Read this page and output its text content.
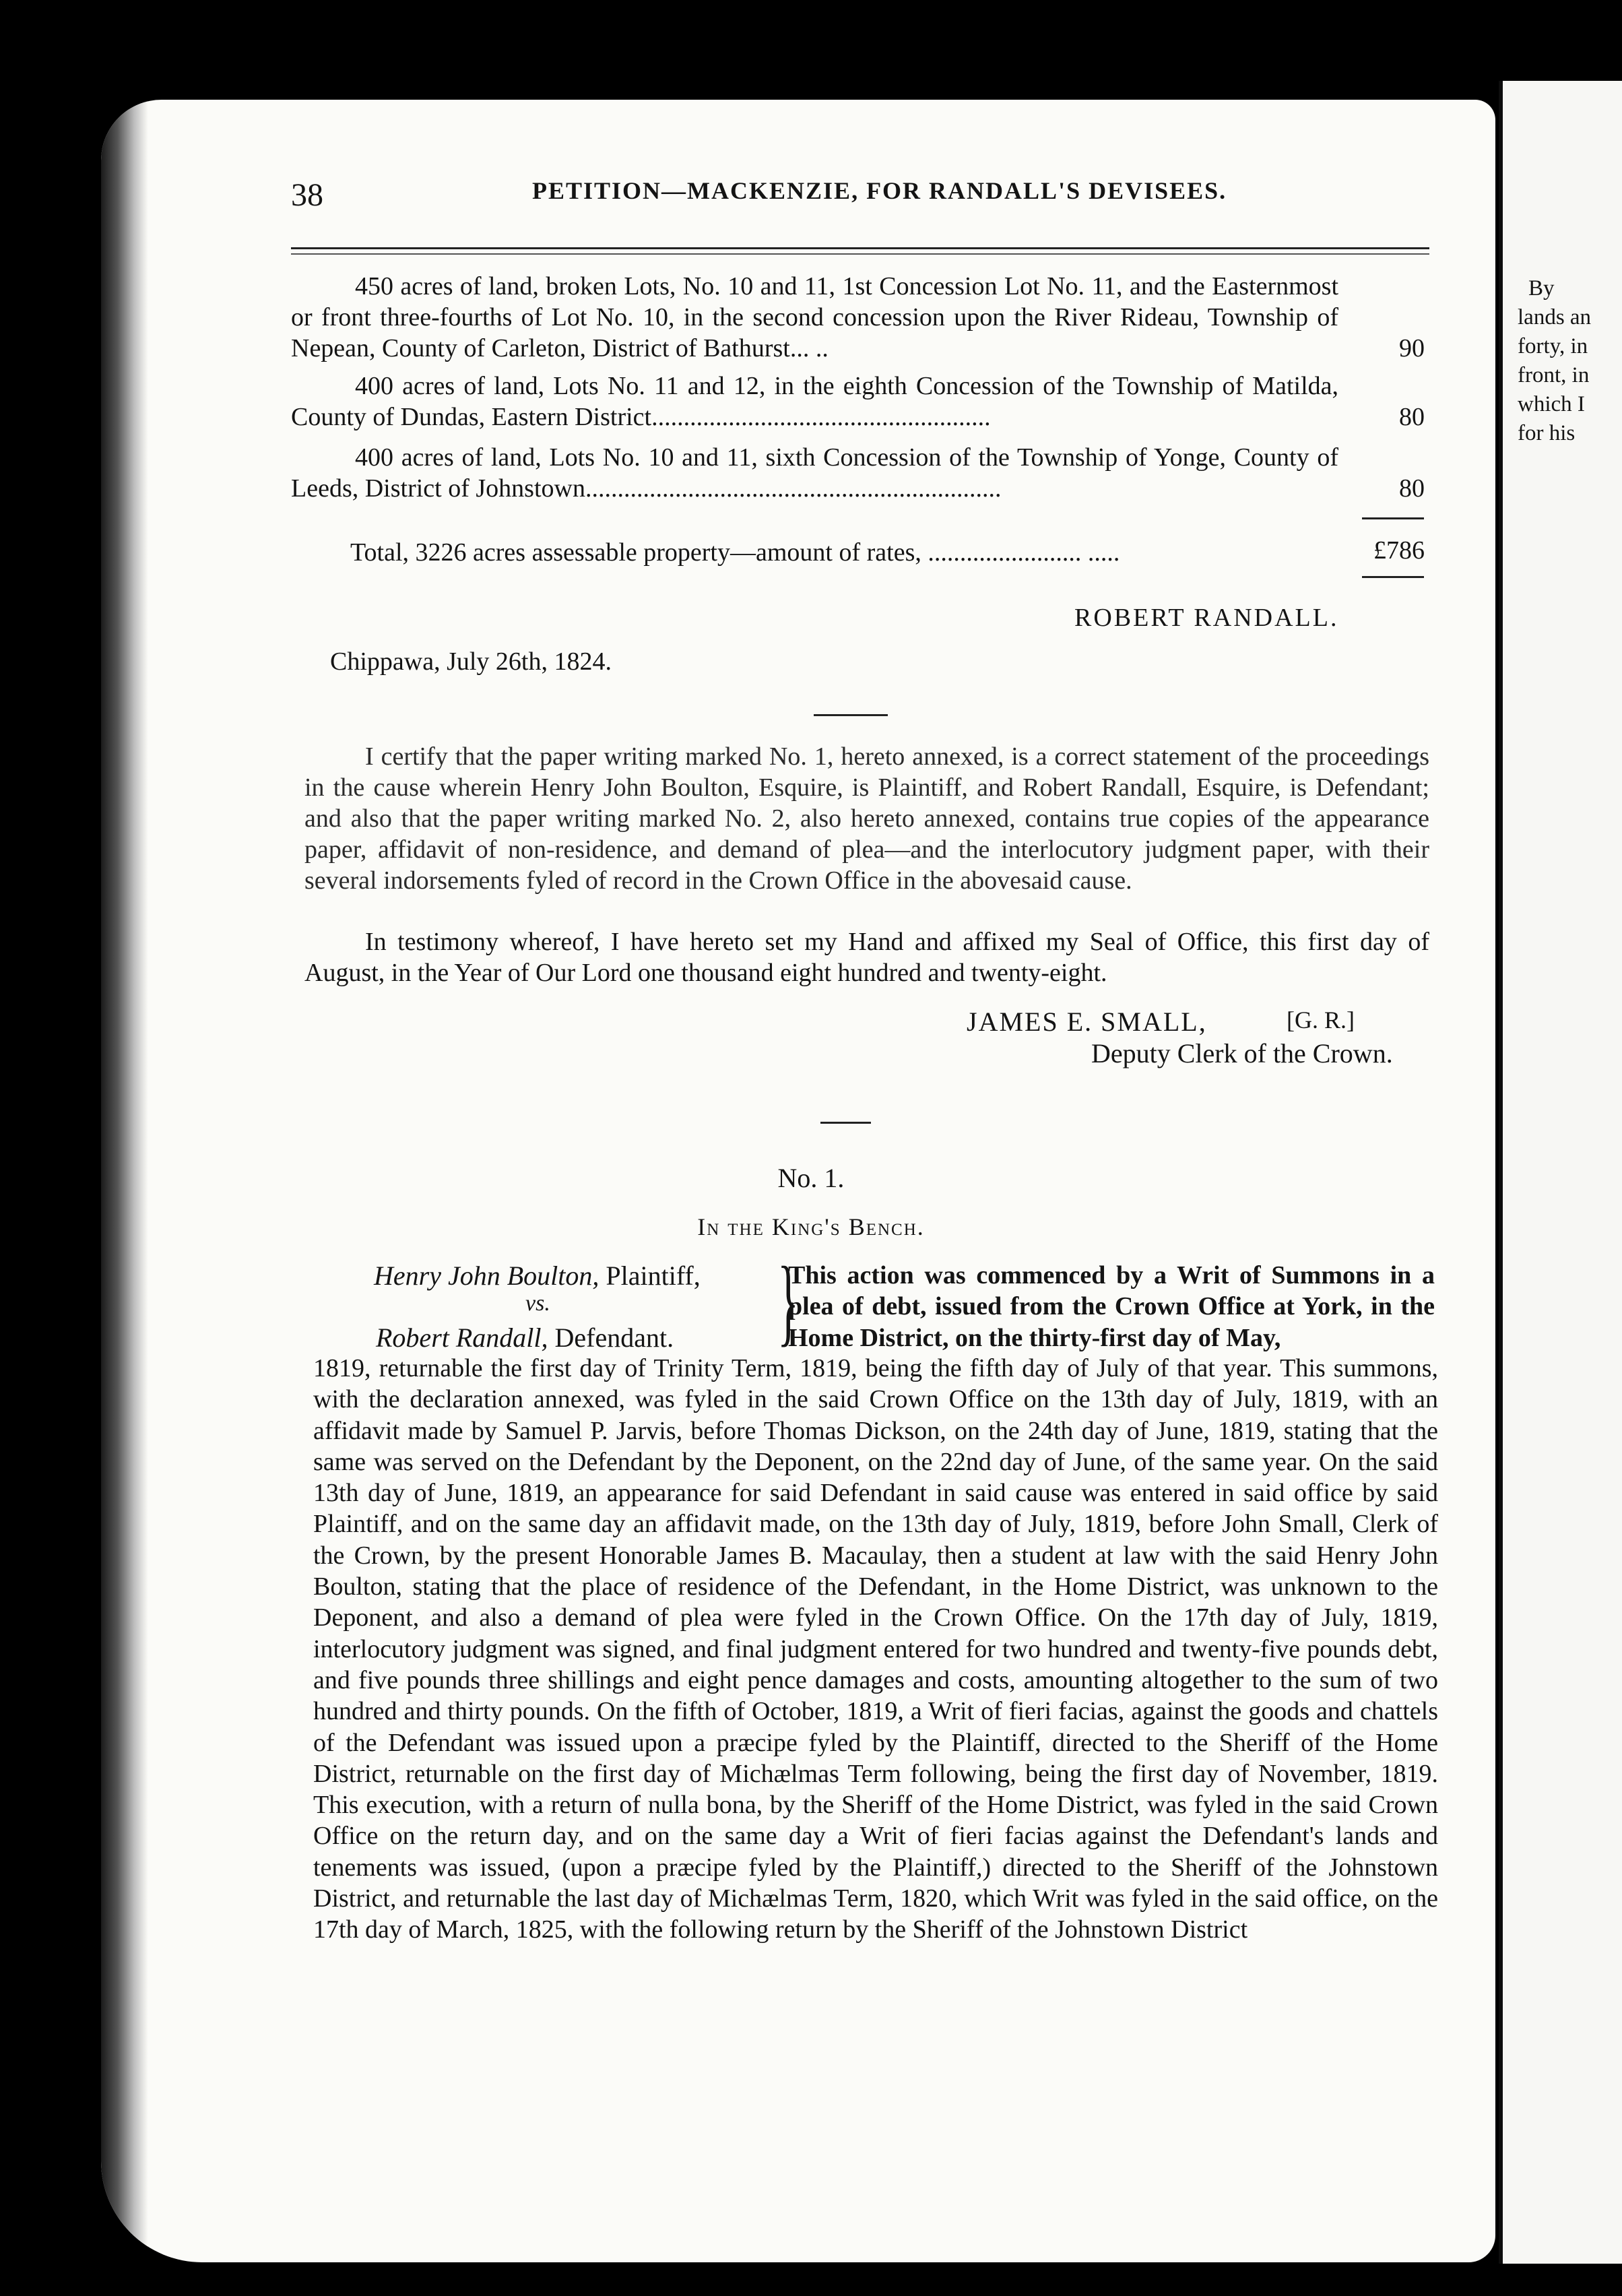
By
lands an
forty, in
front, in
which I
for his
38	PETITION—MACKENZIE, FOR RANDALL'S DEVISEES.
450 acres of land, broken Lots, No. 10 and 11, 1st Concession Lot No. 11, and the Easternmost or front three-fourths of Lot No. 10, in the second concession upon the River Rideau, Township of Nepean, County of Carleton, District of Bathurst... ..	90
400 acres of land, Lots No. 11 and 12, in the eighth Concession of the Township of Matilda, County of Dundas, Eastern District.....................................................	80
400 acres of land, Lots No. 10 and 11, sixth Concession of the Township of Yonge, County of Leeds, District of Johnstown.................................................................	80
Total, 3226 acres assessable property—amount of rates, ........................ .....	£786
ROBERT RANDALL.
Chippawa, July 26th, 1824.
I certify that the paper writing marked No. 1, hereto annexed, is a correct statement of the proceedings in the cause wherein Henry John Boulton, Esquire, is Plaintiff, and Robert Randall, Esquire, is Defendant; and also that the paper writing marked No. 2, also hereto annexed, contains true copies of the appearance paper, affidavit of non-residence, and demand of plea—and the interlocutory judgment paper, with their several indorsements fyled of record in the Crown Office in the abovesaid cause.
In testimony whereof, I have hereto set my Hand and affixed my Seal of Office, this first day of August, in the Year of Our Lord one thousand eight hundred and twenty-eight.
JAMES E. SMALL,	[G. R.]
Deputy Clerk of the Crown.
No. 1.
In the King's Bench.
Henry John Boulton, Plaintiff,
vs.
Robert Randall, Defendant. }
This action was commenced by a Writ of Summons in a plea of debt, issued from the Crown Office at York, in the Home District, on the thirty-first day of May,
1819, returnable the first day of Trinity Term, 1819, being the fifth day of July of that year. This summons, with the declaration annexed, was fyled in the said Crown Office on the 13th day of July, 1819, with an affidavit made by Samuel P. Jarvis, before Thomas Dickson, on the 24th day of June, 1819, stating that the same was served on the Defendant by the Deponent, on the 22nd day of June, of the same year. On the said 13th day of June, 1819, an appearance for said Defendant in said cause was entered in said office by said Plaintiff, and on the same day an affidavit made, on the 13th day of July, 1819, before John Small, Clerk of the Crown, by the present Honorable James B. Macaulay, then a student at law with the said Henry John Boulton, stating that the place of residence of the Defendant, in the Home District, was unknown to the Deponent, and also a demand of plea were fyled in the Crown Office. On the 17th day of July, 1819, interlocutory judgment was signed, and final judgment entered for two hundred and twenty-five pounds debt, and five pounds three shillings and eight pence damages and costs, amounting altogether to the sum of two hundred and thirty pounds. On the fifth of October, 1819, a Writ of fieri facias, against the goods and chattels of the Defendant was issued upon a præcipe fyled by the Plaintiff, directed to the Sheriff of the Home District, returnable on the first day of Michælmas Term following, being the first day of November, 1819. This execution, with a return of nulla bona, by the Sheriff of the Home District, was fyled in the said Crown Office on the return day, and on the same day a Writ of fieri facias against the Defendant's lands and tenements was issued, (upon a præcipe fyled by the Plaintiff,) directed to the Sheriff of the Johnstown District, and returnable the last day of Michælmas Term, 1820, which Writ was fyled in the said office, on the 17th day of March, 1825, with the following return by the Sheriff of the Johnstown District
